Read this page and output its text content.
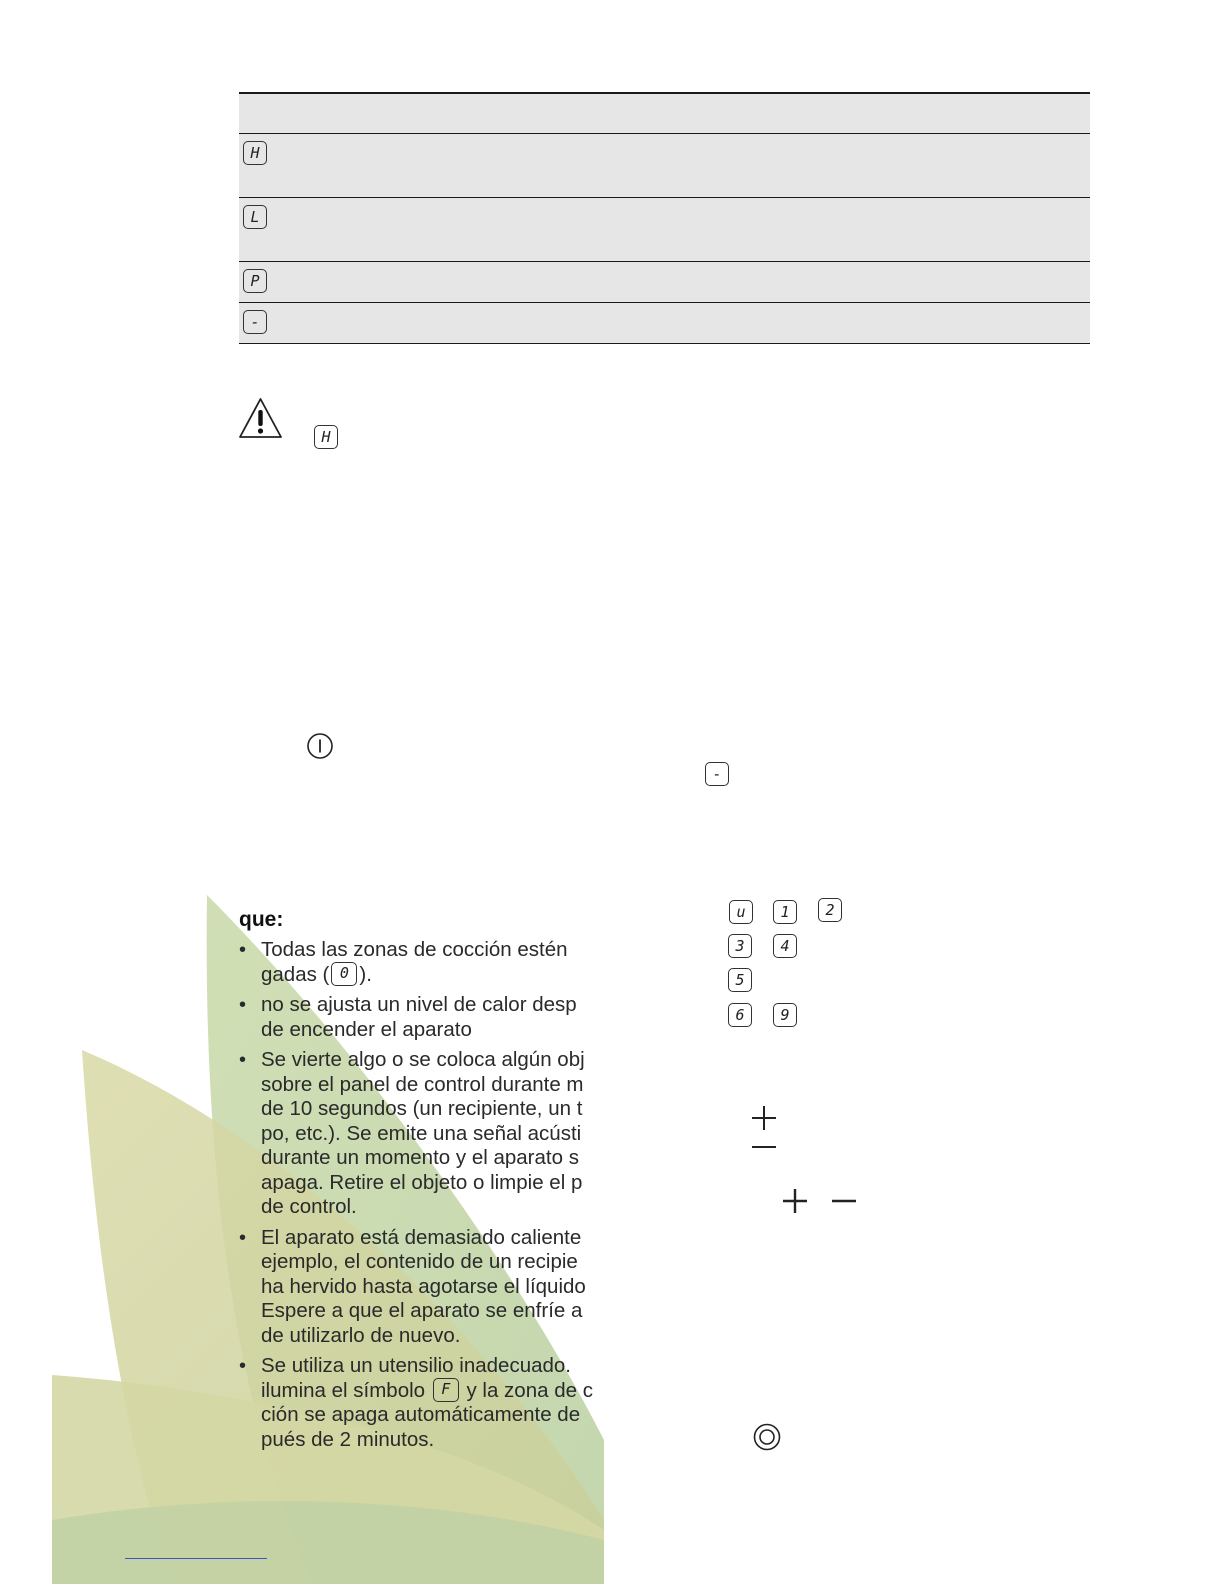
H
L
P
-
H
-
u	1	2
3	4
5
6	9
que:
• Todas las zonas de cocción estén
gadas ( 0 ).
• no se ajusta un nivel de calor desp
de encender el aparato
• Se vierte algo o se coloca algún obj
sobre el panel de control durante m
de 10 segundos (un recipiente, un t
po, etc.). Se emite una señal acústi
durante un momento y el aparato s
apaga. Retire el objeto o limpie el p
de control.
• El aparato está demasiado caliente
ejemplo, el contenido de un recipie
ha hervido hasta agotarse el líquido
Espere a que el aparato se enfríe a
de utilizarlo de nuevo.
• Se utiliza un utensilio inadecuado.
ilumina el símbolo F y la zona de c
ción se apaga automáticamente de
pués de 2 minutos.
